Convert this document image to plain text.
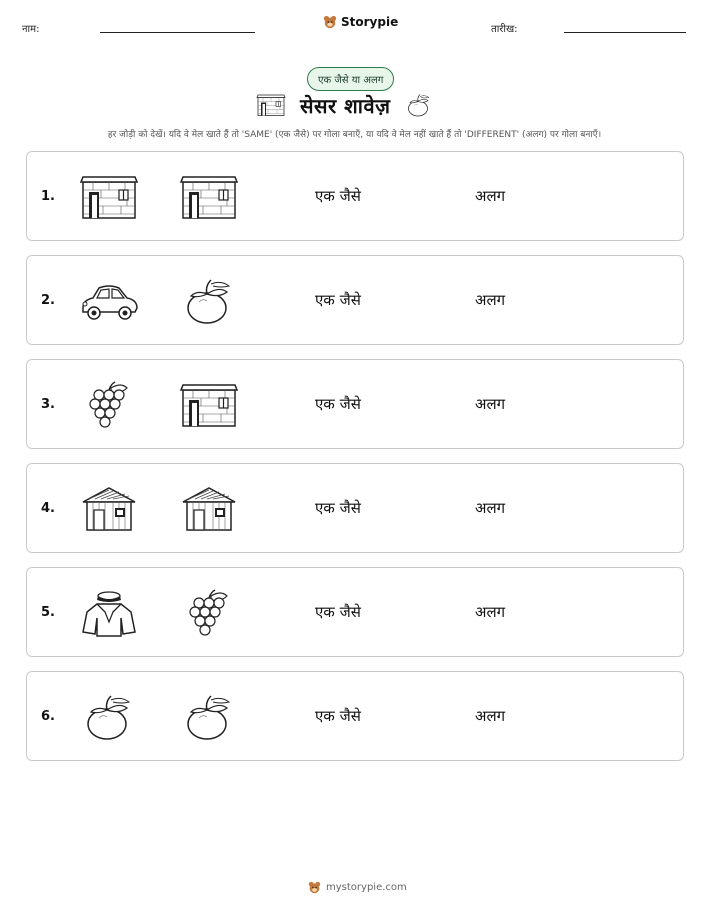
नाम:
Storypie
तारीख:
एक जैसे या अलग
सेसर शावेज़
हर जोड़ी को देखें। यदि वे मेल खाते हैं तो 'SAME' (एक जैसे) पर गोला बनाएँ, या यदि वे मेल नहीं खाते हैं तो 'DIFFERENT' (अलग) पर गोला बनाएँ।
1.	एक जैसे	अलग
2.	एक जैसे	अलग
3.	एक जैसे	अलग
4.	एक जैसे	अलग
5.	एक जैसे	अलग
6.	एक जैसे	अलग
mystorypie.com
